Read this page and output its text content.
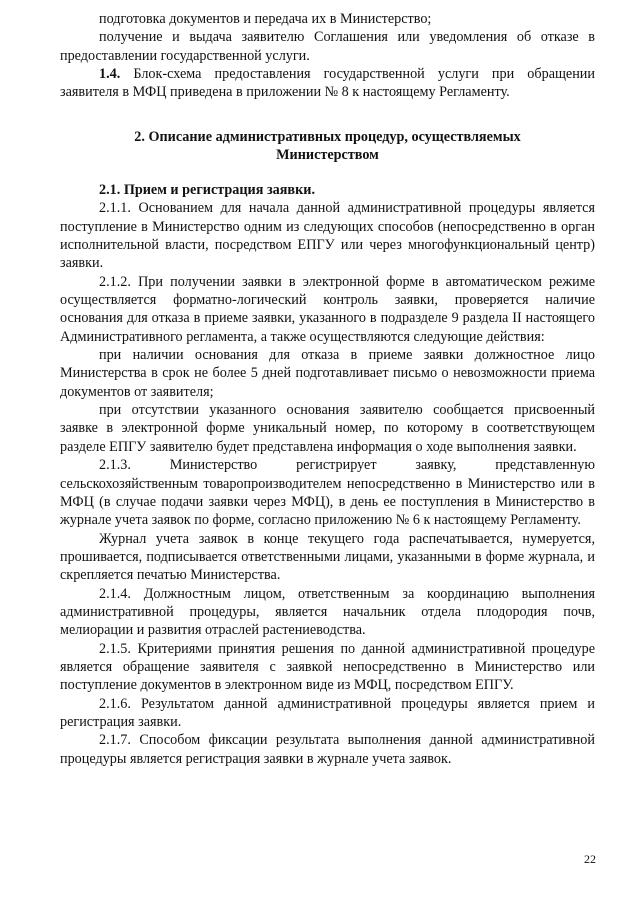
подготовка документов и передача их в Министерство;

получение и выдача заявителю Соглашения или уведомления об отказе в предоставлении государственной услуги.

1.4. Блок-схема предоставления государственной услуги при обращении заявителя в МФЦ приведена в приложении № 8 к настоящему Регламенту.

2. Описание административных процедур, осуществляемых

Министерством

2.1. Прием и регистрация заявки.

2.1.1. Основанием для начала данной административной процедуры является поступление в Министерство одним из следующих способов (непосредственно в орган исполнительной власти, посредством ЕПГУ или через многофункциональный центр) заявки.

2.1.2. При получении заявки в электронной форме в автоматическом режиме осуществляется форматно-логический контроль заявки, проверяется наличие основания для отказа в приеме заявки, указанного в подразделе 9 раздела II настоящего Административного регламента, а также осуществляются следующие действия:

при наличии основания для отказа в приеме заявки должностное лицо Министерства в срок не более 5 дней подготавливает письмо о невозможности приема документов от заявителя;

при отсутствии указанного основания заявителю сообщается присвоенный заявке в электронной форме уникальный номер, по которому в соответствующем разделе ЕПГУ заявителю будет представлена информация о ходе выполнения заявки.

2.1.3. Министерство регистрирует заявку, представленную сельскохозяйственным товаропроизводителем непосредственно в Министерство или в МФЦ (в случае подачи заявки через МФЦ), в день ее поступления в Министерство в журнале учета заявок по форме, согласно приложению № 6 к настоящему Регламенту.

Журнал учета заявок в конце текущего года распечатывается, нумеруется, прошивается, подписывается ответственными лицами, указанными в форме журнала, и скрепляется печатью Министерства.

2.1.4. Должностным лицом, ответственным за координацию выполнения административной процедуры, является начальник отдела плодородия почв, мелиорации и развития отраслей растениеводства.

2.1.5. Критериями принятия решения по данной административной процедуре является обращение заявителя с заявкой непосредственно в Министерство или поступление документов в электронном виде из МФЦ, посредством ЕПГУ.

2.1.6. Результатом данной административной процедуры является прием и регистрация заявки.

2.1.7. Способом фиксации результата выполнения данной административной процедуры является регистрация заявки в журнале учета заявок.

22
